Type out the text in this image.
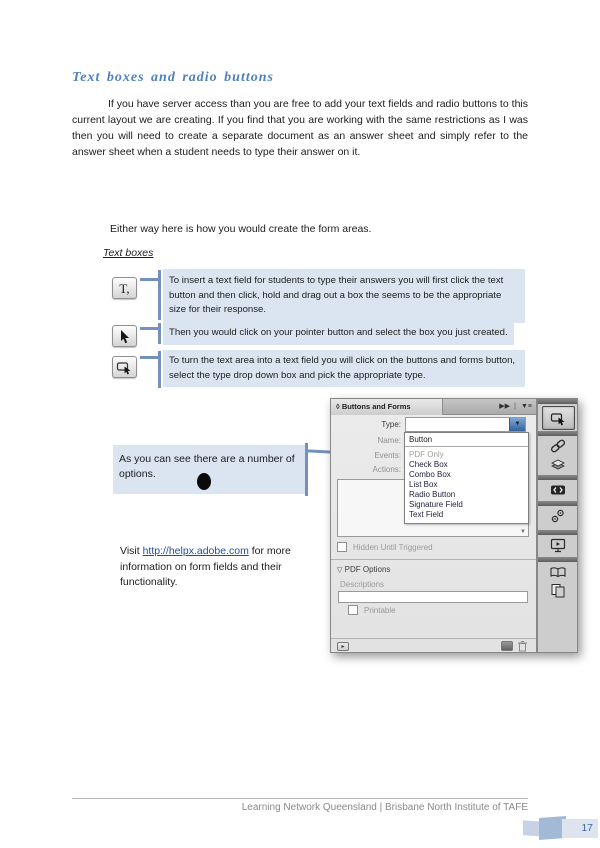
Text boxes and radio buttons
If you have server access than you are free to add your text fields and radio buttons to this current layout we are creating. If you find that you are working with the same restrictions as I was then you will need to create a separate document as an answer sheet and simply refer to the answer sheet when a student needs to type their answer on it.
Either way here is how you would create the form areas.
Text boxes
T,	To insert a text field for students to type their answers you will first click the text button and then click, hold and drag out a box the seems to be the appropriate size for their response.
Then you would click on your pointer button and select the box you just created.
To turn the text area into a text field you will click on the buttons and forms button, select the type drop down box and pick the appropriate type.
As you can see there are a number of options.
Visit http://helpx.adobe.com for more information on form fields and their functionality.
◊ Buttons and Forms	▶▶ | ▼≡
Type:
Name:
Events:
Actions:
▼
▼
Button
PDF Only
Check Box
Combo Box
List Box
Radio Button
Signature Field
Text Field
Hidden Until Triggered
▽ PDF Options
Descriptions
Printable
▸
Learning Network Queensland | Brisbane North Institute of TAFE
17
